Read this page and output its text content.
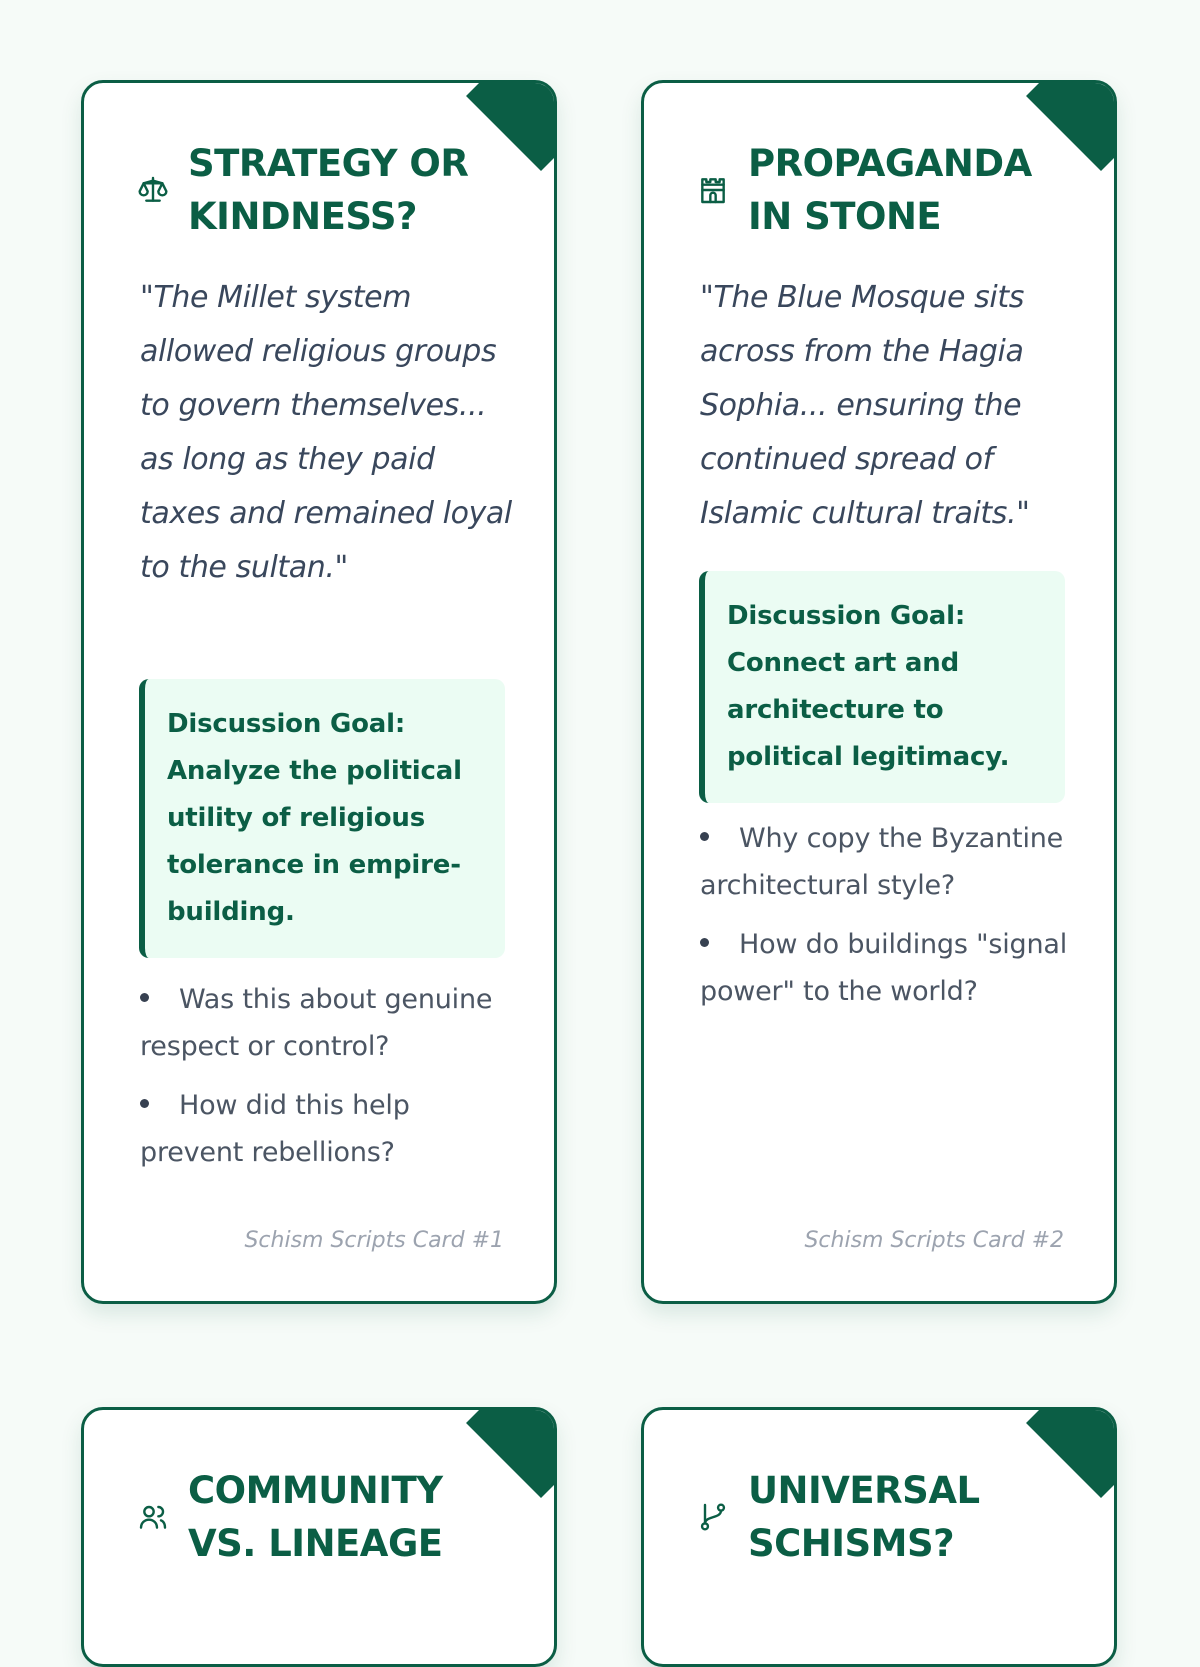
STRATEGY OR KINDNESS?

"The Millet system allowed religious groups to govern themselves... as long as they paid taxes and remained loyal to the sultan."

Discussion Goal: Analyze the political utility of religious tolerance in empire-building.
Was this about genuine respect or control?
How did this help prevent rebellions?
Schism Scripts Card #1
PROPAGANDA IN STONE

"The Blue Mosque sits across from the Hagia Sophia... ensuring the continued spread of Islamic cultural traits."

Discussion Goal: Connect art and architecture to political legitimacy.
Why copy the Byzantine architectural style?
How do buildings "signal power" to the world?
Schism Scripts Card #2
COMMUNITY VS. LINEAGE
UNIVERSAL SCHISMS?
